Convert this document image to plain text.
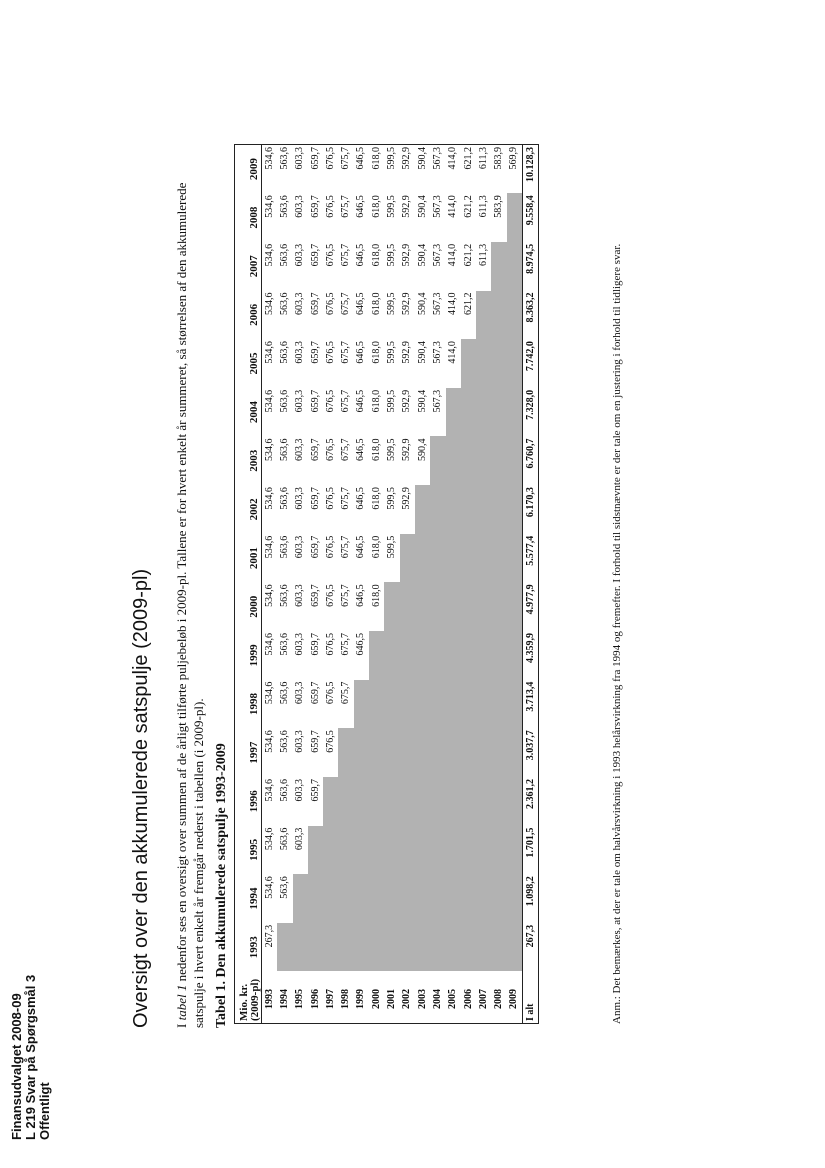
Finansudvalget 2008-09 L 219 Svar på Spørgsmål 3 Offentligt
Oversigt over den akkumulerede satspulje (2009-pl) I tabel 1 nedenfor ses en oversigt over summen af de årligt tilførte puljebeløb i 2009-pl. Tallene er for hvert enkelt år summeret, så størrelsen af den akkumulerede satspulje i hvert enkelt år fremgår nederst i tabellen (i 2009-pl). Tabel 1. Den akkumulerede satspulje 1993-2009 Mio. kr.
(2009-pl)	1993	1994	1995	1996	1997	1998	1999	2000	2001	2002	2003	2004	2005	2006	2007	2008	2009
1993	267,3	534,6	534,6	534,6	534,6	534,6	534,6	534,6	534,6	534,6	534,6	534,6	534,6	534,6	534,6	534,6	534,6
1994		563,6	563,6	563,6	563,6	563,6	563,6	563,6	563,6	563,6	563,6	563,6	563,6	563,6	563,6	563,6	563,6
1995			603,3	603,3	603,3	603,3	603,3	603,3	603,3	603,3	603,3	603,3	603,3	603,3	603,3	603,3	603,3
1996				659,7	659,7	659,7	659,7	659,7	659,7	659,7	659,7	659,7	659,7	659,7	659,7	659,7	659,7
1997					676,5	676,5	676,5	676,5	676,5	676,5	676,5	676,5	676,5	676,5	676,5	676,5	676,5
1998						675,7	675,7	675,7	675,7	675,7	675,7	675,7	675,7	675,7	675,7	675,7	675,7
1999							646,5	646,5	646,5	646,5	646,5	646,5	646,5	646,5	646,5	646,5	646,5
2000								618,0	618,0	618,0	618,0	618,0	618,0	618,0	618,0	618,0	618,0
2001									599,5	599,5	599,5	599,5	599,5	599,5	599,5	599,5	599,5
2002										592,9	592,9	592,9	592,9	592,9	592,9	592,9	592,9
2003											590,4	590,4	590,4	590,4	590,4	590,4	590,4
2004												567,3	567,3	567,3	567,3	567,3	567,3
2005													414,0	414,0	414,0	414,0	414,0
2006														621,2	621,2	621,2	621,2
2007															611,3	611,3	611,3
2008																583,9	583,9
2009																	569,9
I alt	267,3	1.098,2	1.701,5	2.361,2	3.037,7	3.713,4	4.359,9	4.977,9	5.577,4	6.170,3	6.760,7	7.328,0	7.742,0	8.363,2	8.974,5	9.558,4	10.128,3
Anm.: Det bemærkes, at der er tale om halvårsvirkning i 1993 helårsvirkning fra 1994 og fremefter. I forhold til sidstnævnte er der tale om en justering i forhold til tidligere svar.
